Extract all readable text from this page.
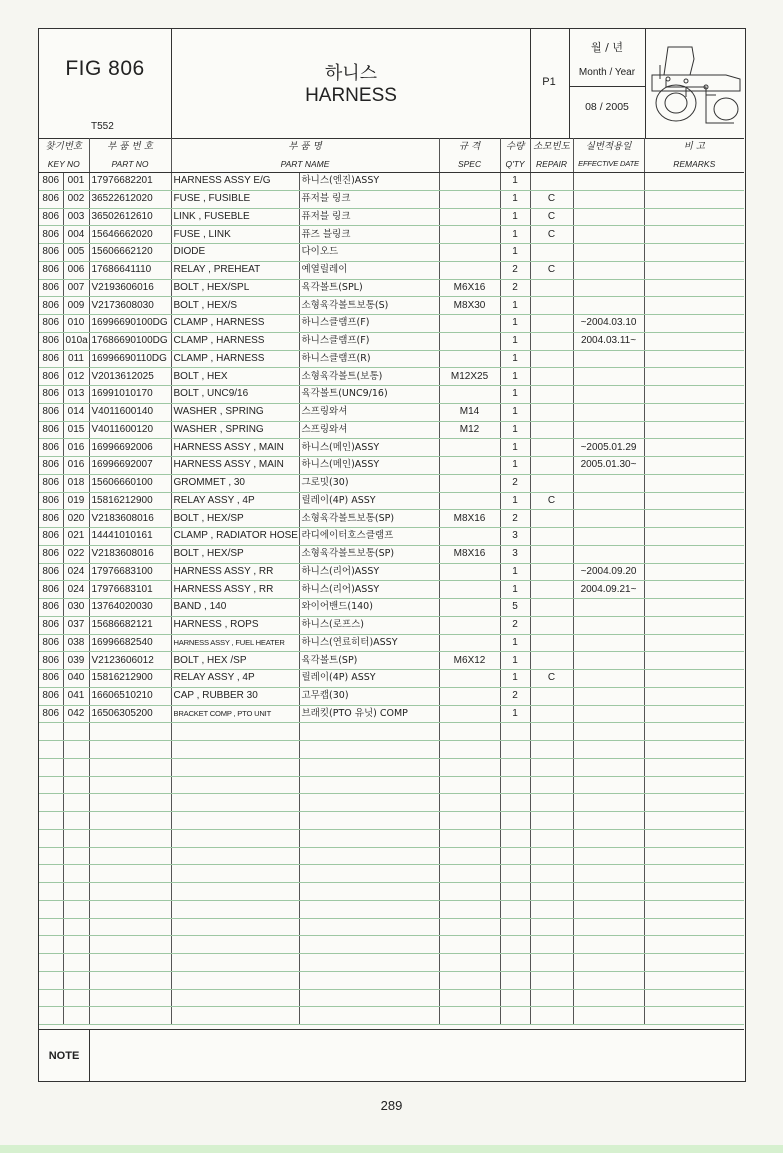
FIG 806
T552
하니스
HARNESS
P1
월 / 년
Month / Year
08 / 2005
찾기번호		부 품 번 호	부 품 명		규 격	수량	소모빈도	실번적용일	비 고
KEY NO		PART NO	PART NAME		SPEC	Q'TY	REPAIR	EFFECTIVE DATE	REMARKS
806	001	17976682201	HARNESS ASSY E/G	하니스(엔진)ASSY		1			
806	002	36522612020	FUSE , FUSIBLE	퓨저블 링크		1	C		
806	003	36502612610	LINK , FUSEBLE	퓨저블 링크		1	C		
806	004	15646662020	FUSE , LINK	퓨즈 블링크		1	C		
806	005	15606662120	DIODE	다이오드		1			
806	006	17686641110	RELAY , PREHEAT	예열릴레이		2	C		
806	007	V2193606016	BOLT , HEX/SPL	육각볼트(SPL)	M6X16	2			
806	009	V2173608030	BOLT , HEX/S	소형육각볼트보통(S)	M8X30	1			
806	010	16996690100DG	CLAMP , HARNESS	하니스클램프(F)		1		~2004.03.10	
806	010a	17686690100DG	CLAMP , HARNESS	하니스클램프(F)		1		2004.03.11~	
806	011	16996690110DG	CLAMP , HARNESS	하니스클램프(R)		1			
806	012	V2013612025	BOLT , HEX	소형육각볼트(보통)	M12X25	1			
806	013	16991010170	BOLT , UNC9/16	육각볼트(UNC9/16)		1			
806	014	V4011600140	WASHER , SPRING	스프링와셔	M14	1			
806	015	V4011600120	WASHER , SPRING	스프링와셔	M12	1			
806	016	16996692006	HARNESS ASSY , MAIN	하니스(메인)ASSY		1		~2005.01.29	
806	016	16996692007	HARNESS ASSY , MAIN	하니스(메인)ASSY		1		2005.01.30~	
806	018	15606660100	GROMMET , 30	그로밋(30)		2			
806	019	15816212900	RELAY ASSY , 4P	릴레이(4P) ASSY		1	C		
806	020	V2183608016	BOLT , HEX/SP	소형육각볼트보통(SP)	M8X16	2			
806	021	14441010161	CLAMP , RADIATOR HOSE	라디에이터호스클램프		3			
806	022	V2183608016	BOLT , HEX/SP	소형육각볼트보통(SP)	M8X16	3			
806	024	17976683100	HARNESS ASSY , RR	하니스(리어)ASSY		1		~2004.09.20	
806	024	17976683101	HARNESS ASSY , RR	하니스(리어)ASSY		1		2004.09.21~	
806	030	13764020030	BAND , 140	와이어밴드(140)		5			
806	037	15686682121	HARNESS , ROPS	하니스(로프스)		2			
806	038	16996682540	HARNESS ASSY , FUEL HEATER	하니스(연료히터)ASSY		1			
806	039	V2123606012	BOLT , HEX /SP	육각볼트(SP)	M6X12	1			
806	040	15816212900	RELAY ASSY , 4P	릴레이(4P) ASSY		1	C		
806	041	16606510210	CAP , RUBBER 30	고무캡(30)		2			
806	042	16506305200	BRACKET COMP , PTO UNIT	브래킷(PTO 유닛) COMP		1			

NOTE
289
